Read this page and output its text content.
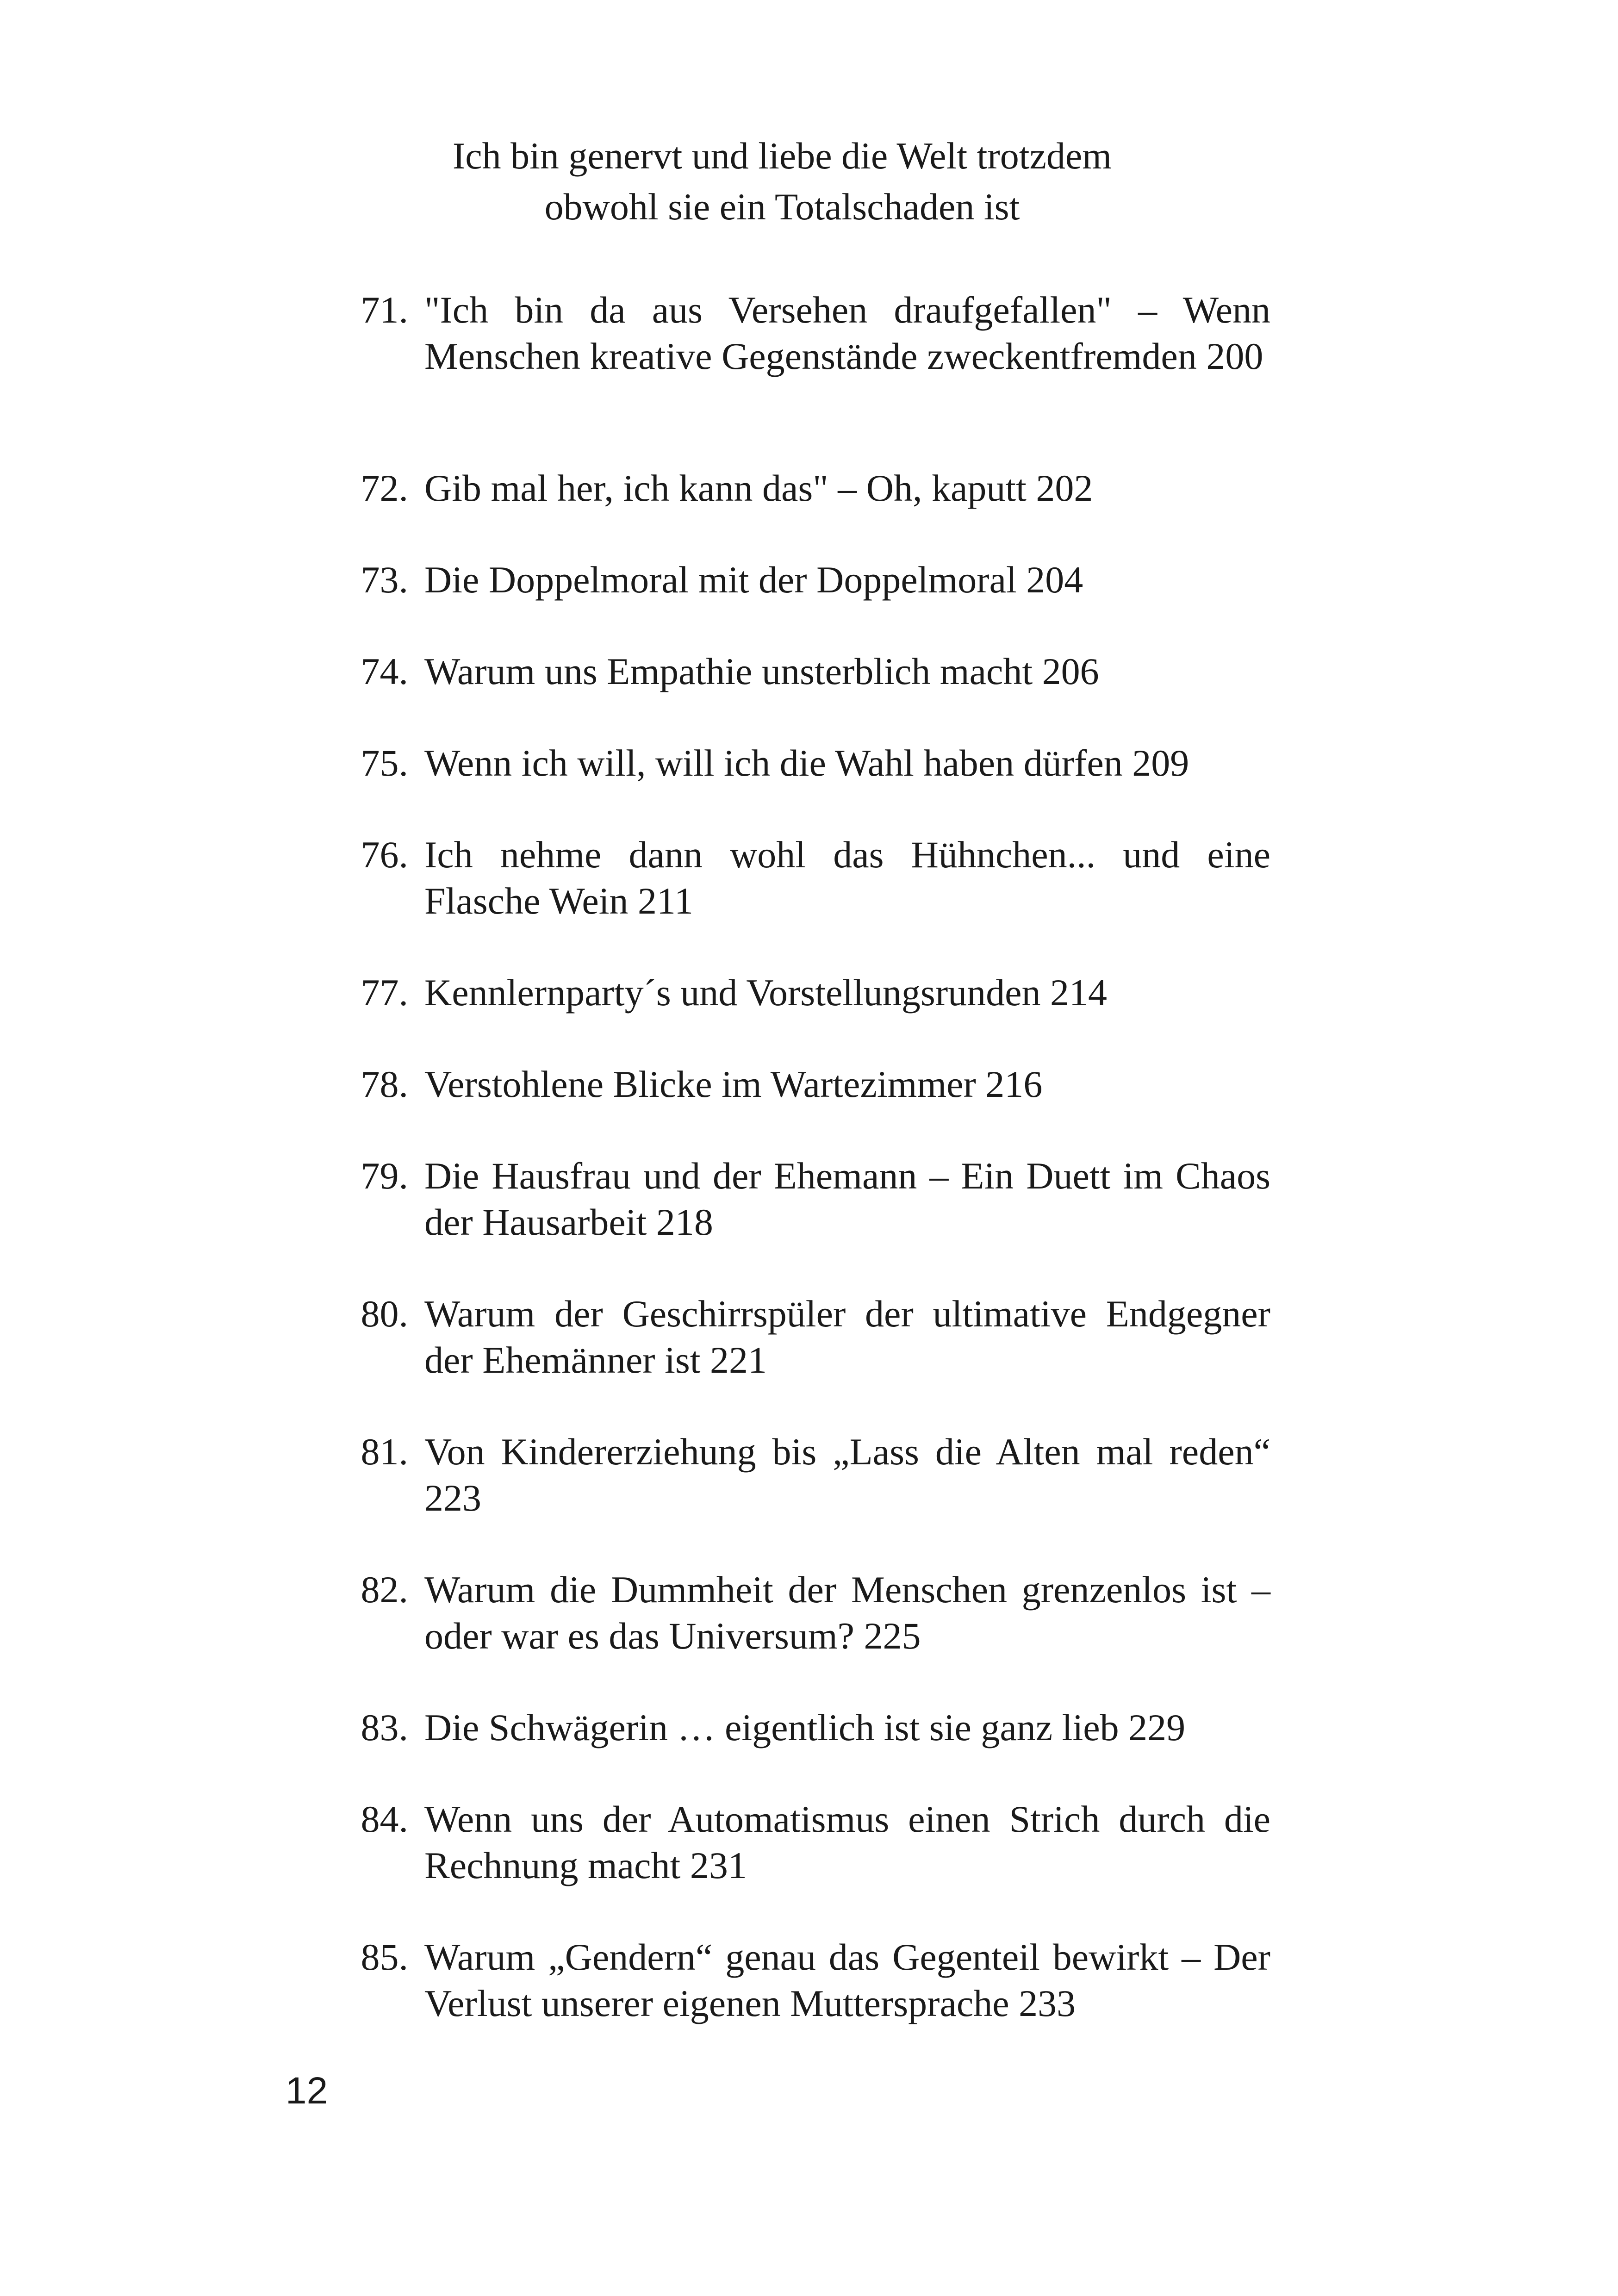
Ich bin genervt und liebe die Welt trotzdem
obwohl sie ein Totalschaden ist
71. "Ich bin da aus Versehen draufgefallen" – Wenn Menschen kreative Gegenstände zweckentfremden 200
72. Gib mal her, ich kann das" – Oh, kaputt 202
73. Die Doppelmoral mit der Doppelmoral 204
74. Warum uns Empathie unsterblich macht 206
75. Wenn ich will, will ich die Wahl haben dürfen 209
76. Ich nehme dann wohl das Hühnchen... und eine Flasche Wein 211
77. Kennlernparty´s und Vorstellungsrunden 214
78. Verstohlene Blicke im Wartezimmer 216
79. Die Hausfrau und der Ehemann – Ein Duett im Chaos der Hausarbeit 218
80. Warum der Geschirrspüler der ultimative Endgegner der Ehemänner ist 221
81. Von Kindererziehung bis „Lass die Alten mal reden“ 223
82. Warum die Dummheit der Menschen grenzenlos ist – oder war es das Universum? 225
83. Die Schwägerin … eigentlich ist sie ganz lieb 229
84. Wenn uns der Automatismus einen Strich durch die Rechnung macht 231
85. Warum „Gendern“ genau das Gegenteil bewirkt – Der Verlust unserer eigenen Muttersprache 233
12
